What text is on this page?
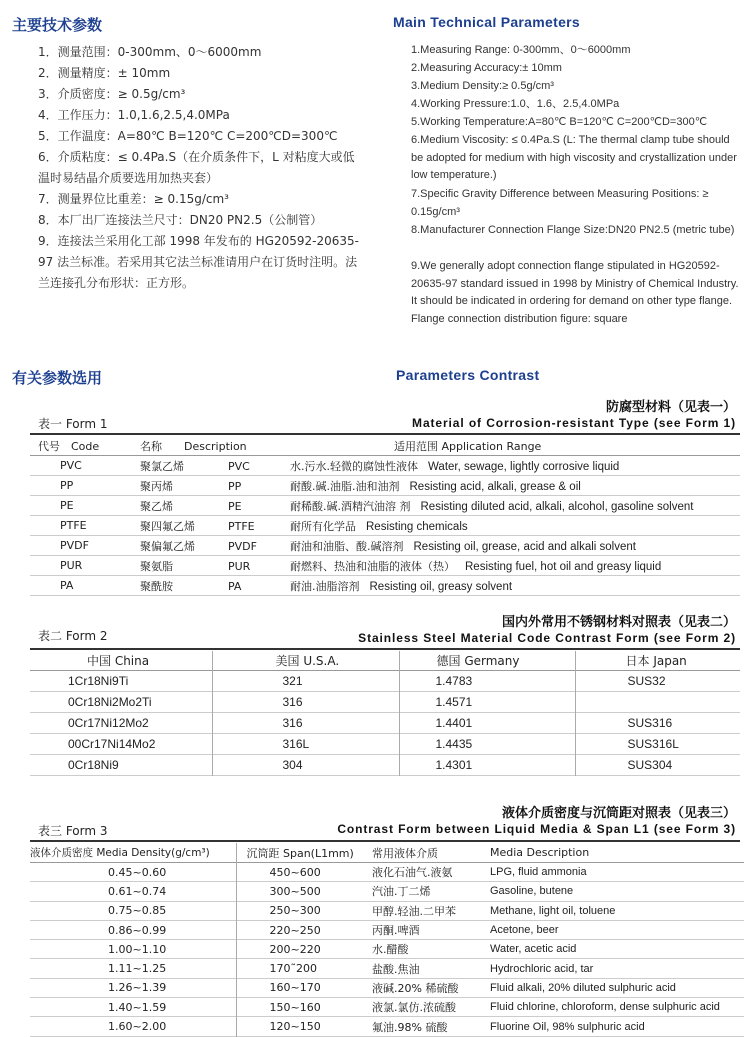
主要技术参数	Main Technical Parameters
1．测量范围：0-300mm、0～6000mm
2．测量精度：± 10mm
3．介质密度：≥ 0.5g/cm³
4．工作压力：1.0,1.6,2.5,4.0MPa
5．工作温度：A=80℃ B=120℃ C=200℃D=300℃
6．介质粘度：≤ 0.4Pa.S（在介质条件下，L 对粘度大或低温时易结晶介质要选用加热夹套）
7．测量界位比重差：≥ 0.15g/cm³
8．本厂出厂连接法兰尺寸：DN20 PN2.5（公制管）
9．连接法兰采用化工部 1998 年发布的 HG20592-20635-97 法兰标准。若采用其它法兰标准请用户在订货时注明。法兰连接孔分布形状：正方形。
1.Measuring Range: 0-300mm、0～6000mm
2.Measuring Accuracy:± 10mm
3.Medium Density:≥ 0.5g/cm³
4.Working Pressure:1.0、1.6、2.5,4.0MPa
5.Working Temperature:A=80℃ B=120℃ C=200℃D=300℃
6.Medium Viscosity: ≤ 0.4Pa.S (L: The thermal clamp tube should be adopted for medium with high viscosity and crystallization under low temperature.)
7.Specific Gravity Difference between Measuring Positions: ≥ 0.15g/cm³
8.Manufacturer Connection Flange Size:DN20 PN2.5 (metric tube)
9.We generally adopt connection flange stipulated in HG20592-20635-97 standard issued in 1998 by Ministry of Chemical Industry. It should be indicated in ordering for demand on other type flange. Flange connection distribution figure: square
有关参数选用	Parameters Contrast
防腐型材料（见表一）
Material of Corrosion-resistant Type (see Form 1)
表一 Form 1
代号　Code	名称　　Description	适用范围 Application Range
PVC	聚氯乙烯 PVC	水.污水.轻微的腐蚀性液体 Water, sewage, lightly corrosive liquid
PP	聚丙烯 PP	耐酸.碱.油脂.油和油剂 Resisting acid, alkali, grease & oil
PE	聚乙烯 PE	耐稀酸.碱.酒精汽油溶 剂 Resisting diluted acid, alkali, alcohol, gasoline solvent
PTFE	聚四氟乙烯 PTFE	耐所有化学品 Resisting chemicals
PVDF	聚偏氟乙烯 PVDF	耐油和油脂、酸.碱溶剂 Resisting oil, grease, acid and alkali solvent
PUR	聚氨脂 PUR	耐燃料、热油和油脂的液体（热） Resisting fuel, hot oil and greasy liquid
PA	聚酰胺 PA	耐油.油脂溶剂 Resisting oil, greasy solvent
国内外常用不锈钢材料对照表（见表二）
Stainless Steel Material Code Contrast Form (see Form 2)
表二 Form 2
中国 China	美国 U.S.A.	德国 Germany	日本 Japan
1Cr18Ni9Ti	321	1.4783	SUS32
0Cr18Ni2Mo2Ti	316	1.4571	
0Cr17Ni12Mo2	316	1.4401	SUS316
00Cr17Ni14Mo2	316L	1.4435	SUS316L
0Cr18Ni9	304	1.4301	SUS304
液体介质密度与沉筒距对照表（见表三）
Contrast Form between Liquid Media & Span L1 (see Form 3)
表三 Form 3
液体介质密度 Media Density(g/cm³)	沉筒距 Span(L1mm)	常用液体介质	Media Description
0.45~0.60	450~600	液化石油气.液氨	LPG, fluid ammonia
0.61~0.74	300~500	汽油.丁二烯	Gasoline, butene
0.75~0.85	250~300	甲醇.轻油.二甲苯	Methane, light oil, toluene
0.86~0.99	220~250	丙酮.啤酒	Acetone, beer
1.00~1.10	200~220	水.醋酸	Water, acetic acid
1.11~1.25	170˜200	盐酸.焦油	Hydrochloric acid, tar
1.26~1.39	160~170	液碱.20% 稀硫酸	Fluid alkali, 20% diluted sulphuric acid
1.40~1.59	150~160	液氯.氯仿.浓硫酸	Fluid chlorine, chloroform, dense sulphuric acid
1.60~2.00	120~150	氟油.98% 硫酸	Fluorine Oil, 98% sulphuric acid
